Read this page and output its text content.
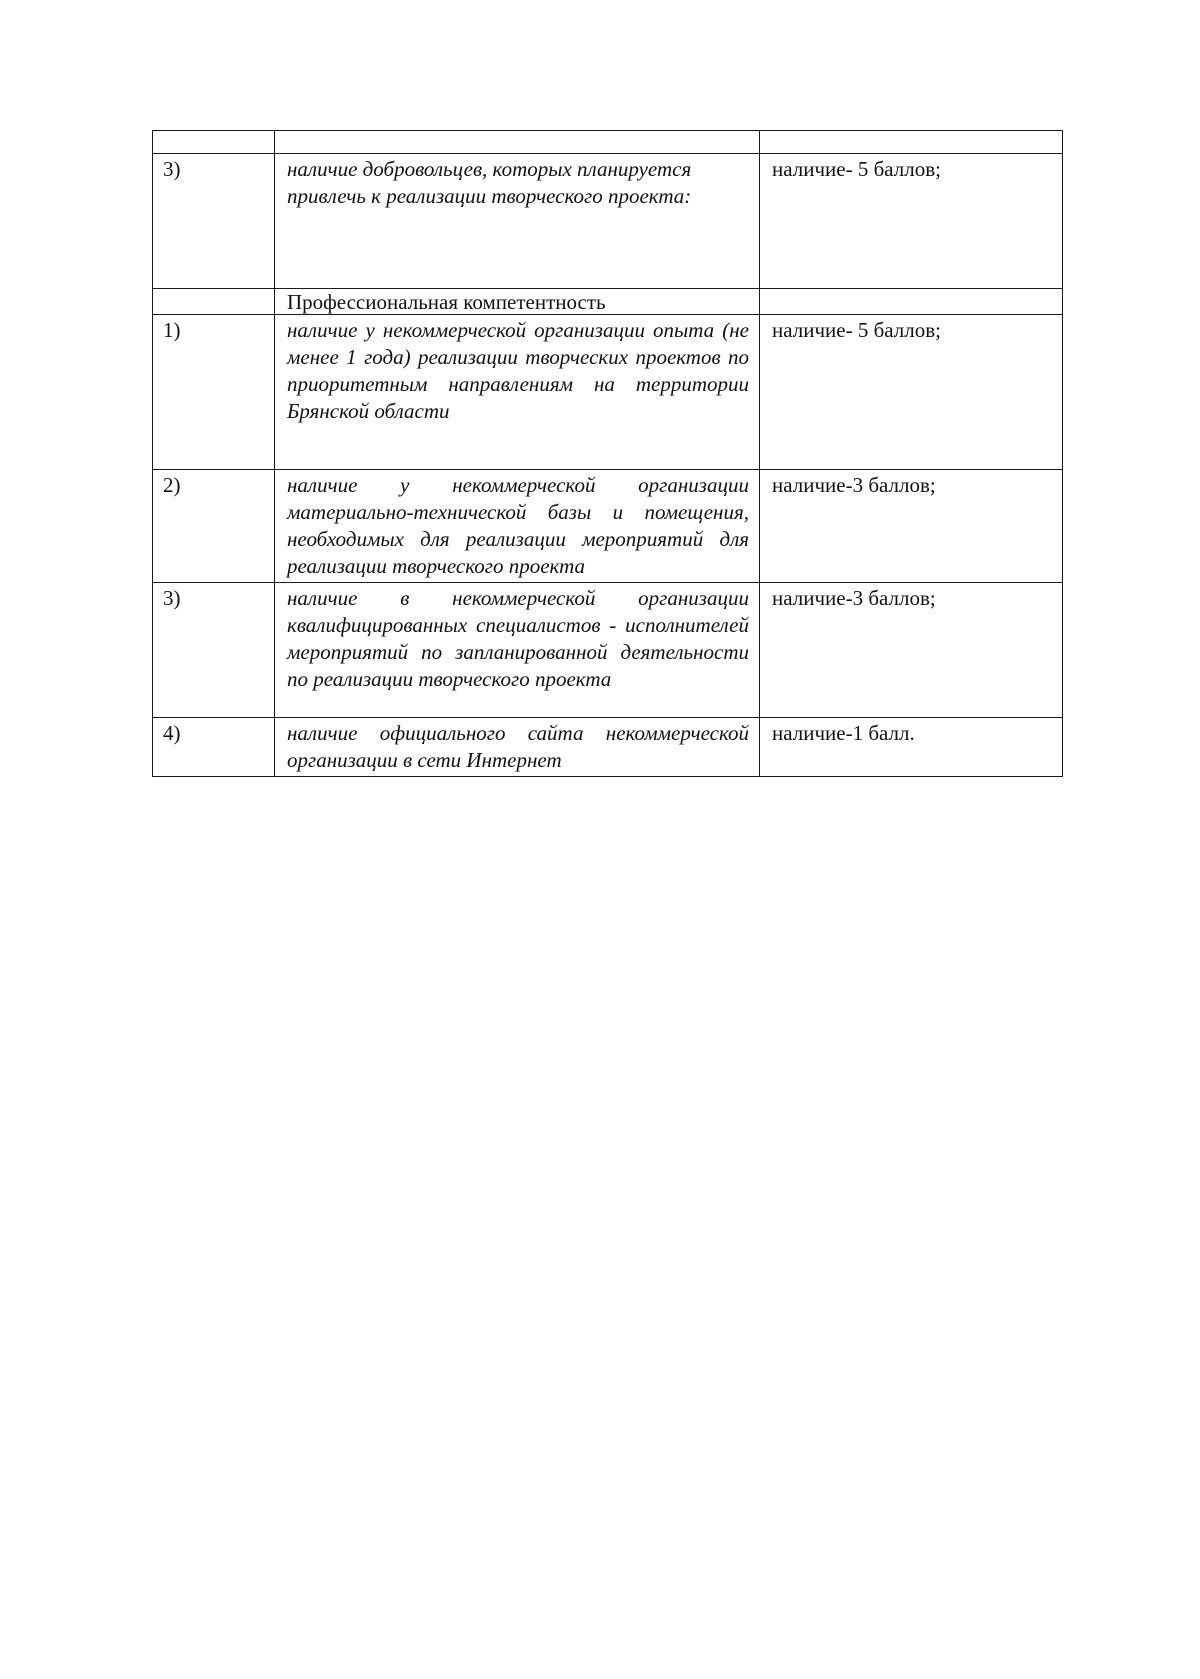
3)	наличие добровольцев, которых планируется привлечь к реализации творческого проекта:	наличие- 5 баллов;
	Профессиональная компетентность	
1)	наличие у некоммерческой организации опыта (не менее 1 года) реализации творческих проектов по приоритетным направлениям на территории Брянской области	наличие- 5 баллов;
2)	наличие у некоммерческой организации материально-технической базы и помещения, необходимых для реализации мероприятий для реализации творческого проекта	наличие-3 баллов;
3)	наличие в некоммерческой организации квалифицированных специалистов - исполнителей мероприятий по запланированной деятельности по реализации творческого проекта	наличие-3 баллов;
4)	наличие официального сайта некоммерческой организации в сети Интернет	наличие-1 балл.
